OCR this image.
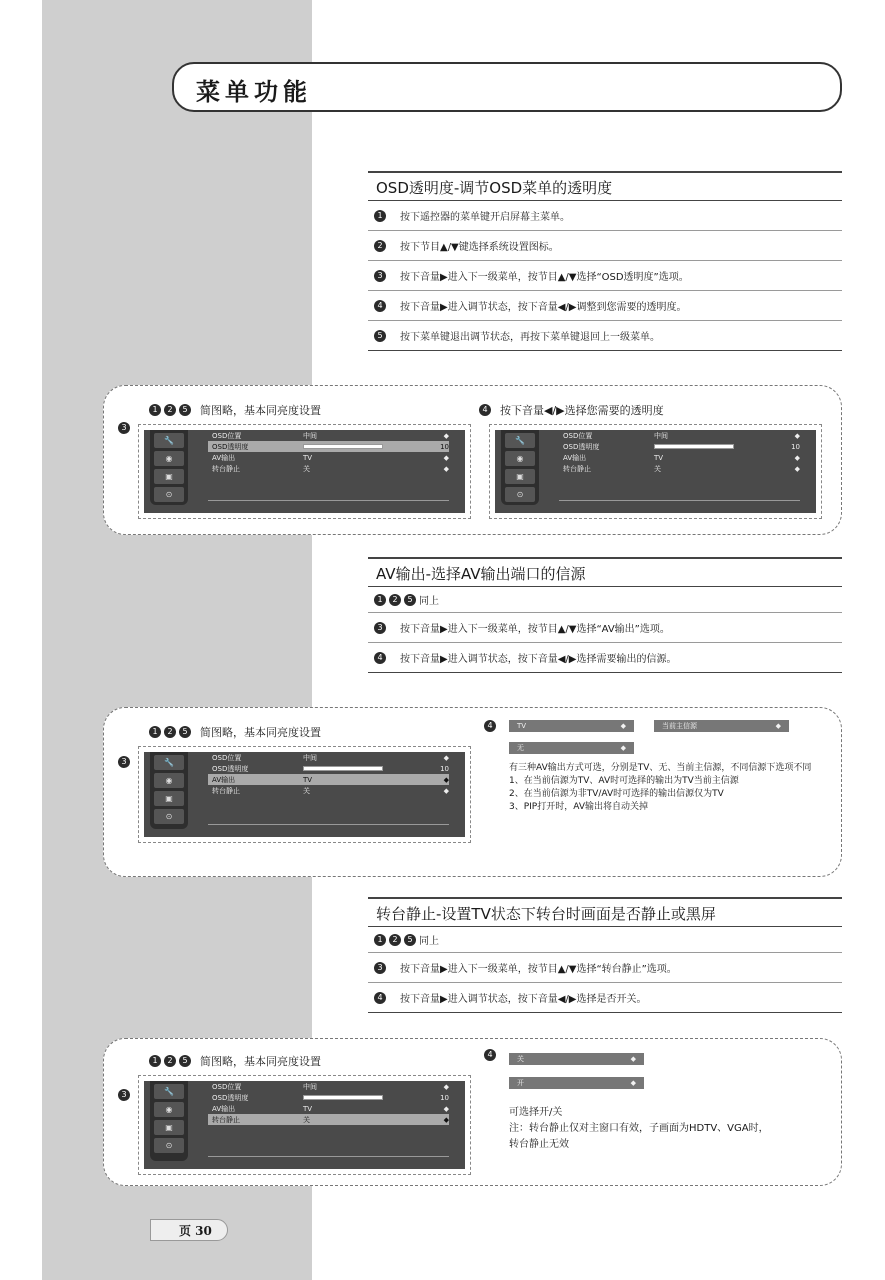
菜单功能
OSD透明度-调节OSD菜单的透明度
1	按下遥控器的菜单键开启屏幕主菜单。
2	按下节目▲/▼键选择系统设置图标。
3	按下音量▶进入下一级菜单，按节目▲/▼选择“OSD透明度”选项。
4	按下音量▶进入调节状态，按下音量◀/▶调整到您需要的透明度。
5	按下菜单键退出调节状态，再按下菜单键退回上一级菜单。
1	2	5	简图略，基本同亮度设置
3
4	按下音量◀/▶选择您需要的透明度
🔧
◉
▣
⊙
OSD位置	中间	◆
OSD透明度	10
AV输出	TV	◆
转台静止	关	◆
🔧
◉
▣
⊙
OSD位置	中间	◆
OSD透明度	10
AV输出	TV	◆
转台静止	关	◆
AV输出-选择AV输出端口的信源
1	2	5 同上
3	按下音量▶进入下一级菜单，按节目▲/▼选择“AV输出”选项。
4	按下音量▶进入调节状态，按下音量◀/▶选择需要输出的信源。
1	2	5	简图略，基本同亮度设置
3
4
🔧
◉
▣
⊙
OSD位置	中间	◆
OSD透明度	10
AV输出	TV	◆
转台静止	关	◆
TV	◆	当前主信源	◆
无	◆
有三种AV输出方式可选，分别是TV、无、当前主信源，不同信源下选项不同
1、在当前信源为TV、AV时可选择的输出为TV当前主信源
2、在当前信源为非TV/AV时可选择的输出信源仅为TV
3、PIP打开时，AV输出将自动关掉
转台静止-设置TV状态下转台时画面是否静止或黑屏
1	2	5 同上
3	按下音量▶进入下一级菜单，按节目▲/▼选择“转台静止”选项。
4	按下音量▶进入调节状态，按下音量◀/▶选择是否开关。
1	2	5	简图略，基本同亮度设置
3
4
🔧
◉
▣
⊙
OSD位置	中间	◆
OSD透明度	10
AV输出	TV	◆
转台静止	关	◆
关	◆
开	◆
可选择开/关
注：转台静止仅对主窗口有效，子画面为HDTV、VGA时，
转台静止无效
页 30
